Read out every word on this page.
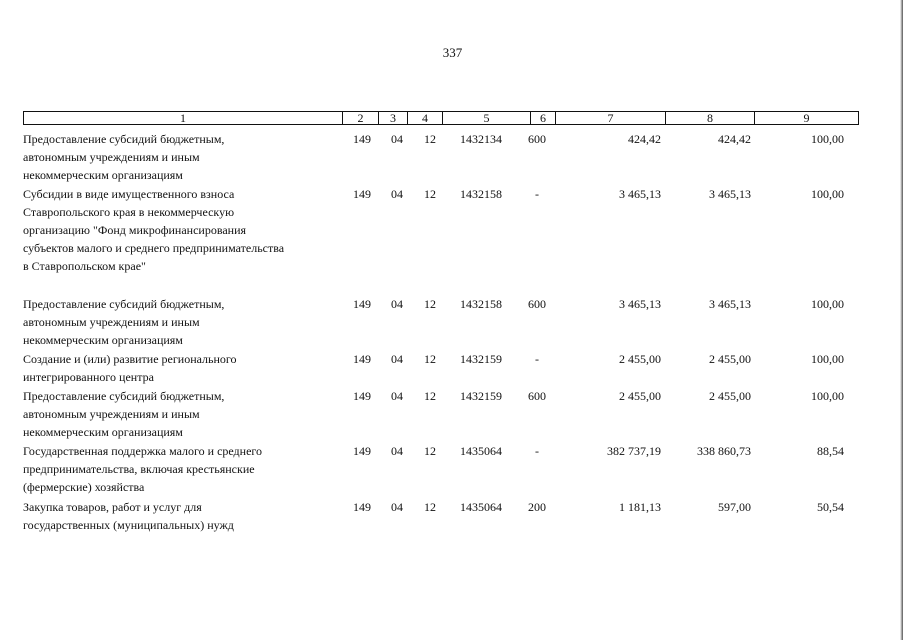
337
1	2	3	4	5	6	7	8	9
Предоставление субсидий бюджетным,
автономным учреждениям и иным
некоммерческим организациям
149	04	12	1432134	600	424,42	424,42	100,00
Субсидии в виде имущественного взноса
Ставропольского края в некоммерческую
организацию "Фонд микрофинансирования
субъектов малого и среднего предпринимательства
в Ставропольском крае"
149	04	12	1432158	-	3 465,13	3 465,13	100,00
Предоставление субсидий бюджетным,
автономным учреждениям и иным
некоммерческим организациям
149	04	12	1432158	600	3 465,13	3 465,13	100,00
Создание и (или) развитие регионального
интегрированного центра
149	04	12	1432159	-	2 455,00	2 455,00	100,00
Предоставление субсидий бюджетным,
автономным учреждениям и иным
некоммерческим организациям
149	04	12	1432159	600	2 455,00	2 455,00	100,00
Государственная поддержка малого и среднего
предпринимательства, включая крестьянские
(фермерские) хозяйства
149	04	12	1435064	-	382 737,19	338 860,73	88,54
Закупка товаров, работ и услуг для
государственных (муниципальных) нужд
149	04	12	1435064	200	1 181,13	597,00	50,54
